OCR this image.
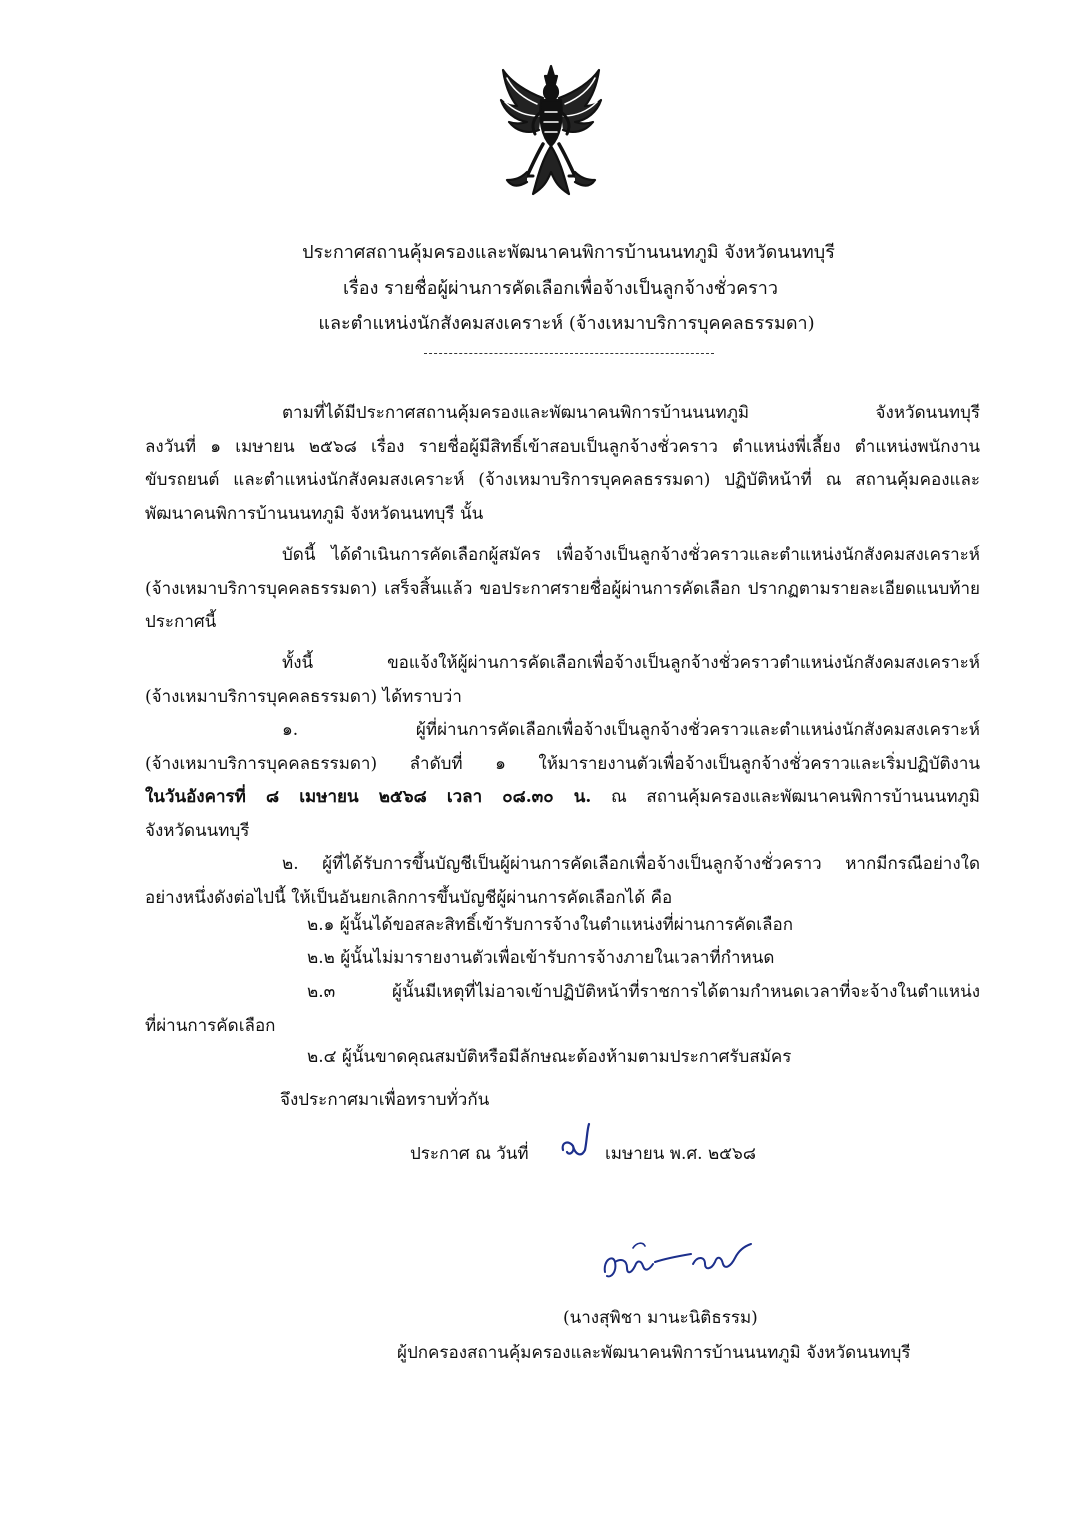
ประกาศสถานคุ้มครองและพัฒนาคนพิการบ้านนนทภูมิ จังหวัดนนทบุรี
เรื่อง รายชื่อผู้ผ่านการคัดเลือกเพื่อจ้างเป็นลูกจ้างชั่วคราว
และตำแหน่งนักสังคมสงเคราะห์ (จ้างเหมาบริการบุคคลธรรมดา)
ตามที่ได้มีประกาศสถานคุ้มครองและพัฒนาคนพิการบ้านนนทภูมิ จังหวัดนนทบุรี
ลงวันที่ ๑ เมษายน ๒๕๖๘ เรื่อง รายชื่อผู้มีสิทธิ์เข้าสอบเป็นลูกจ้างชั่วคราว ตำแหน่งพี่เลี้ยง ตำแหน่งพนักงาน
ขับรถยนต์ และตำแหน่งนักสังคมสงเคราะห์ (จ้างเหมาบริการบุคคลธรรมดา) ปฏิบัติหน้าที่ ณ สถานคุ้มคองและ
พัฒนาคนพิการบ้านนนทภูมิ จังหวัดนนทบุรี นั้น
บัดนี้ ได้ดำเนินการคัดเลือกผู้สมัคร เพื่อจ้างเป็นลูกจ้างชั่วคราวและตำแหน่งนักสังคมสงเคราะห์
(จ้างเหมาบริการบุคคลธรรมดา) เสร็จสิ้นแล้ว ขอประกาศรายชื่อผู้ผ่านการคัดเลือก ปรากฏตามรายละเอียดแนบท้าย
ประกาศนี้
ทั้งนี้ ขอแจ้งให้ผู้ผ่านการคัดเลือกเพื่อจ้างเป็นลูกจ้างชั่วคราวตำแหน่งนักสังคมสงเคราะห์
(จ้างเหมาบริการบุคคลธรรมดา) ได้ทราบว่า
๑. ผู้ที่ผ่านการคัดเลือกเพื่อจ้างเป็นลูกจ้างชั่วคราวและตำแหน่งนักสังคมสงเคราะห์
(จ้างเหมาบริการบุคคลธรรมดา) ลำดับที่ ๑ ให้มารายงานตัวเพื่อจ้างเป็นลูกจ้างชั่วคราวและเริ่มปฏิบัติงาน
ในวันอังคารที่ ๘ เมษายน ๒๕๖๘ เวลา ๐๘.๓๐ น. ณ สถานคุ้มครองและพัฒนาคนพิการบ้านนนทภูมิ
จังหวัดนนทบุรี
๒. ผู้ที่ได้รับการขึ้นบัญชีเป็นผู้ผ่านการคัดเลือกเพื่อจ้างเป็นลูกจ้างชั่วคราว หากมีกรณีอย่างใด
อย่างหนึ่งดังต่อไปนี้ ให้เป็นอันยกเลิกการขึ้นบัญชีผู้ผ่านการคัดเลือกได้ คือ
๒.๑ ผู้นั้นได้ขอสละสิทธิ์เข้ารับการจ้างในตำแหน่งที่ผ่านการคัดเลือก
๒.๒ ผู้นั้นไม่มารายงานตัวเพื่อเข้ารับการจ้างภายในเวลาที่กำหนด
๒.๓ ผู้นั้นมีเหตุที่ไม่อาจเข้าปฏิบัติหน้าที่ราชการได้ตามกำหนดเวลาที่จะจ้างในตำแหน่ง
ที่ผ่านการคัดเลือก
๒.๔ ผู้นั้นขาดคุณสมบัติหรือมีลักษณะต้องห้ามตามประกาศรับสมัคร
จึงประกาศมาเพื่อทราบทั่วกัน
ประกาศ ณ วันที่	เมษายน พ.ศ. ๒๕๖๘
(นางสุพิชา มานะนิติธรรม)
ผู้ปกครองสถานคุ้มครองและพัฒนาคนพิการบ้านนนทภูมิ จังหวัดนนทบุรี
